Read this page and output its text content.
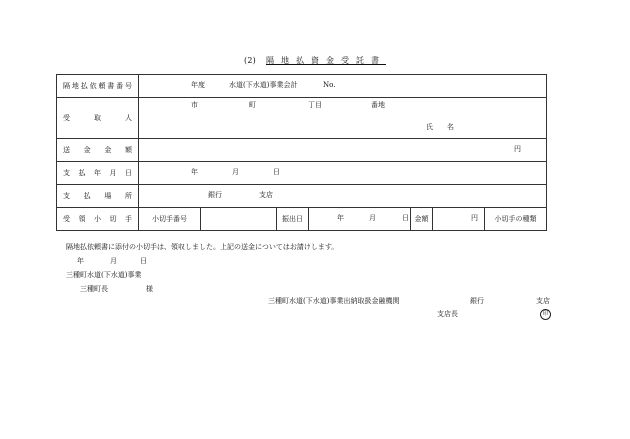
(2) 隔地払資金受託書
隔地払依頼書番号	年度 水道(下水道)事業会計 No.						

受　取　人	市 町 丁目 番地
氏　　名						

送　金　金　額	円						

支　払　年　月　日	年 月 日						

支　払　場　所	銀行 支店						

受　領　小　切　手	小切手番号		振出日	年 月 日	金額	円	小切手の種類
隔地払依頼書に添付の小切手は、領収しました。上記の送金についてはお請けします。
年	月	日
三種町水道(下水道)事業
三種町長	様
三種町水道(下水道)事業出納取扱金融機関	銀行	支店
支店長	印
